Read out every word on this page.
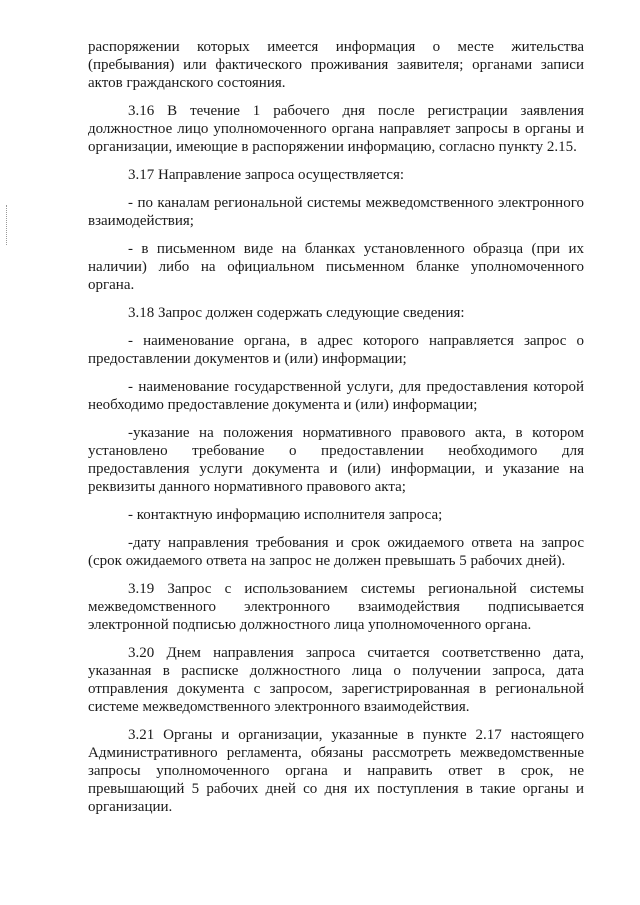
распоряжении которых имеется информация о месте жительства (пребывания) или фактического проживания заявителя; органами записи актов гражданского состояния.

3.16 В течение 1 рабочего дня после регистрации заявления должностное лицо уполномоченного органа направляет запросы в органы и организации, имеющие в распоряжении информацию, согласно пункту 2.15.

3.17 Направление запроса осуществляется:

- по каналам региональной системы межведомственного электронного взаимодействия;

- в письменном виде на бланках установленного образца (при их наличии) либо на официальном письменном бланке уполномоченного органа.

3.18 Запрос должен содержать следующие сведения:

- наименование органа, в адрес которого направляется запрос о предоставлении документов и (или) информации;

- наименование государственной услуги, для предоставления которой необходимо предоставление документа и (или) информации;

-указание на положения нормативного правового акта, в котором установлено требование о предоставлении необходимого для предоставления услуги документа и (или) информации, и указание на реквизиты данного нормативного правового акта;

- контактную информацию исполнителя запроса;

-дату направления требования и срок ожидаемого ответа на запрос (срок ожидаемого ответа на запрос не должен превышать 5 рабочих дней).

3.19 Запрос с использованием системы региональной системы межведомственного электронного взаимодействия подписывается электронной подписью должностного лица уполномоченного органа.

3.20 Днем направления запроса считается соответственно дата, указанная в расписке должностного лица о получении запроса, дата отправления документа с запросом, зарегистрированная в региональной системе межведомственного электронного взаимодействия.

3.21 Органы и организации, указанные в пункте 2.17 настоящего Административного регламента, обязаны рассмотреть межведомственные запросы уполномоченного органа и направить ответ в срок, не превышающий 5 рабочих дней со дня их поступления в такие органы и организации.
